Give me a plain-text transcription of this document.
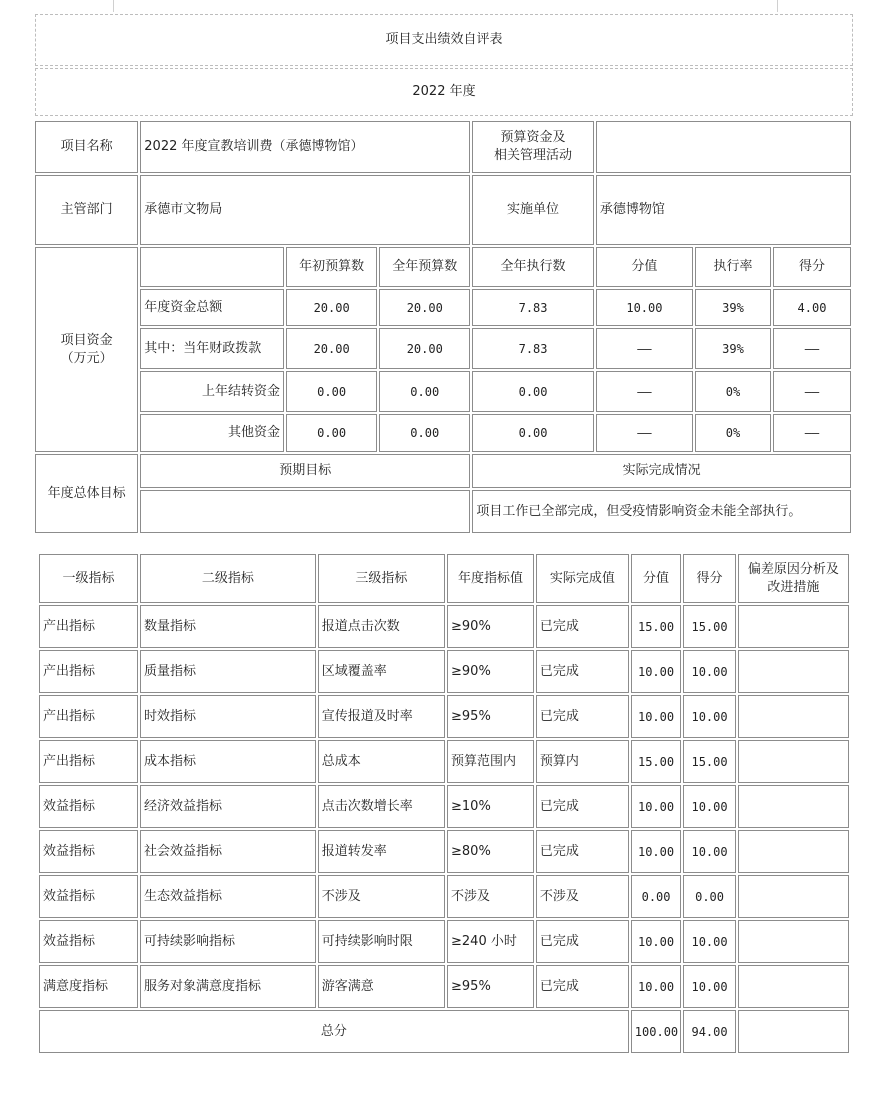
项目支出绩效自评表
2022 年度
项目名称	2022 年度宣教培训费（承德博物馆）			预算资金及
相关管理活动			

主管部门	承德市文物局			实施单位	承德博物馆		

项目资金
（万元）		年初预算数	全年预算数	全年执行数	分值	执行率	得分
	年度资金总额	20.00	20.00	7.83	10.00	39%	4.00
	其中：当年财政拨款	20.00	20.00	7.83	——	39%	——
	上年结转资金	0.00	0.00	0.00	——	0%	——
	其他资金	0.00	0.00	0.00	——	0%	——
年度总体目标	预期目标			实际完成情况			
				项目工作已全部完成，但受疫情影响资金未能全部执行。			
一级指标	二级指标	三级指标	年度指标值	实际完成值	分值	得分	偏差原因分析及
改进措施

产出指标	数量指标	报道点击次数	≥90%	已完成	15.00	15.00	
产出指标	质量指标	区域覆盖率	≥90%	已完成	10.00	10.00	
产出指标	时效指标	宣传报道及时率	≥95%	已完成	10.00	10.00	
产出指标	成本指标	总成本	预算范围内	预算内	15.00	15.00	
效益指标	经济效益指标	点击次数增长率	≥10%	已完成	10.00	10.00	
效益指标	社会效益指标	报道转发率	≥80%	已完成	10.00	10.00	
效益指标	生态效益指标	不涉及	不涉及	不涉及	0.00	0.00	
效益指标	可持续影响指标	可持续影响时限	≥240 小时	已完成	10.00	10.00	
满意度指标	服务对象满意度指标	游客满意	≥95%	已完成	10.00	10.00	
总分					100.00	94.00	
